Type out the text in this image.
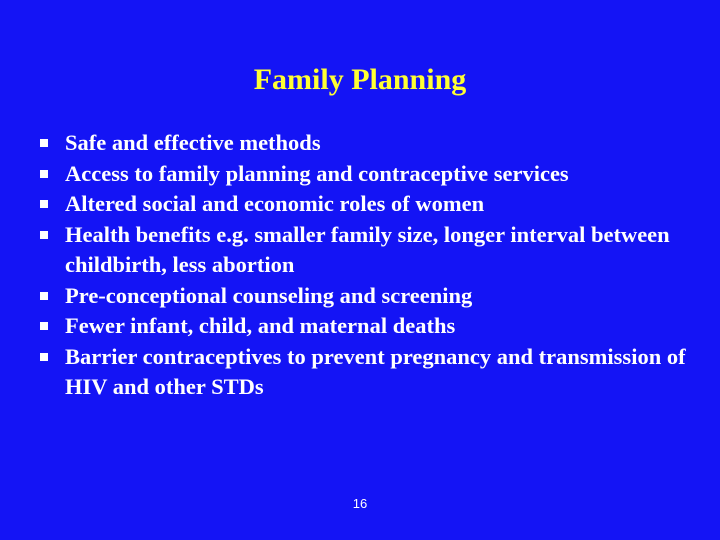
Family Planning
Safe and effective methods
Access to family planning and contraceptive services
Altered social and economic roles of women
Health benefits e.g. smaller family size, longer interval between childbirth, less abortion
Pre-conceptional counseling and screening
Fewer infant, child, and maternal deaths
Barrier contraceptives to prevent pregnancy and transmission of HIV and other STDs
16
